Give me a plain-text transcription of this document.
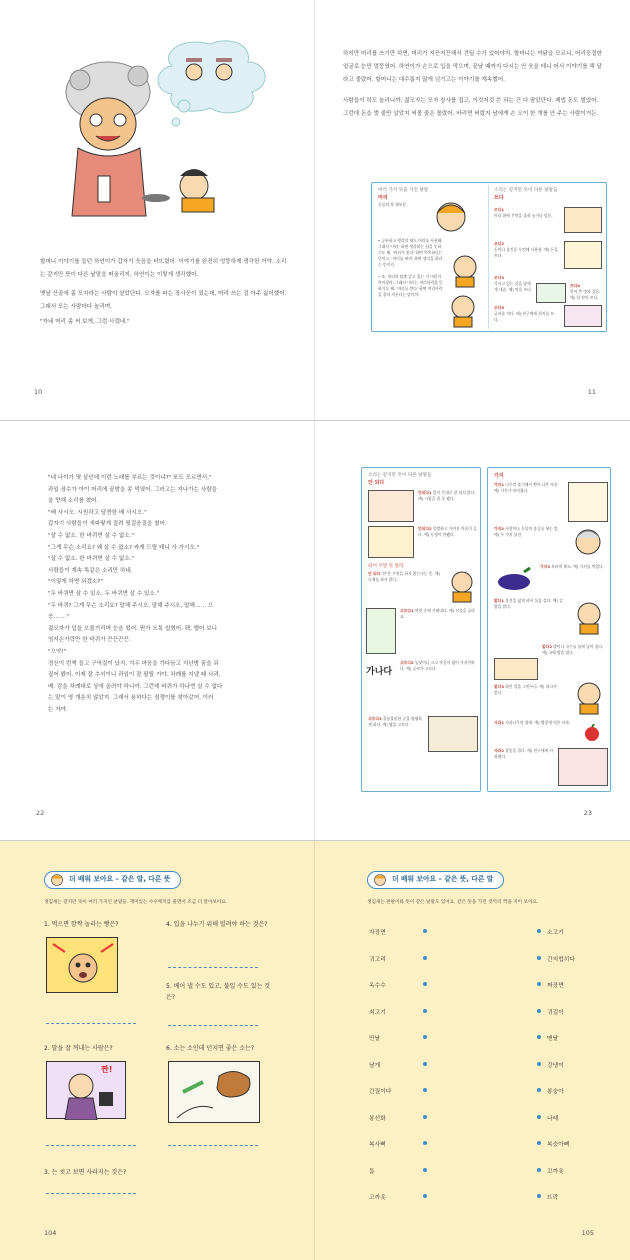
할머니 이야기를 들던 하연이가 갑자기 웃음을 터뜨렸어. 이야기를 완전히 엉뚱하게 생각한 거야. 소리는 같지만 뜻이 다른 낱말을 떠올리지, 하연이는 이렇게 생각했어.

옛날 산골에 좀 모자라는 사람이 살았단다. 모자를 파는 장사꾼이 었는데, 머리 쓰는 걸 아주 싫어했어. 그래서 모는 사람마다 놀리며,

"자네 머리 좀 써 보게, 그럼 사겠네."

10

하지만 머리를 쓰기만 하면, 머리가 지끈지끈해서 견딜 수가 있어야지. 할머니는 까닭을 모르니, 어리둥절한 얼굴로 눈만 멀뚱였어. 하연이가 손으로 입을 막으며, 끝날 때까지 다시는 안 웃을 테니 어서 이야기를 해 달라고 졸랐어. 할머니는 대수롭지 않게 넘기고는 이야기를 계속했어.

사람들이 하도 놀리니까, 젊모자는 모자 장사를 접고, 이것저것 쓴 되는 건 다 팔았단다. 제법 돈도 벌었어. 그런데 돈을 벌 줄만 알았지 써볼 줄은 몰랐어. 바리면 버렸지 남에게 손 오이 한 개를 안 주는 사람이거든.

여러 가지 뜻을 가진 낱말
머리
동물의 목 윗부분
• 공부하고 생각할 때도 머리를 사용해. 그래서 '머리' 하면 생각하는 힘을 뜻하기도 해. '머리가 좋다' 하면 똑똑하다는 뜻이고, '머리를 써라' 하면 생각을 하라는 뜻이지.
• 또, 머리의 탈출 같고 있는 거 머리카락이잖아. 그래서 머리는 머리카락을 뜻하기도 해. '머리를 깎다' 하면 머리카락을 잘라 자른다는 말이야.
소리는 같지만 뜻이 다른 낱말들
쓰다
쓰다1
머리 위에 무엇을 올려 놓거나 덮음.
쓰다2
돈이나 물건을 무엇에 사용함. 예) 돈을 쓰다.
쓰다3
가지고 있는 것을 남에게 내줌. 예) 약을 쓰다.
쓰다4
맛이 쓴 맛과 같음. 예) 한 약이 쓰다.
쓰다5
글씨를 적다. 예) 친구에게 편지를 쓰다.
11
"네 나이가 몇 살인데 이런 노래를 부르는 것이냐?" 또도 모르면서,"
과일 장수가 아이 머리에 꿀밤을 콩 먹였어. 그러고는 지나가는 사람들
을 향해 소리를 쳤어.
"배 사시오. 시원하고 달콤한 배 사시오."
갑자기 사람들이 새파랗게 질려 뒷걸음질을 쳤어.
"살 수 없소. 한 바퀴면 살 수 없소."
"그게 무슨 소리요? 왜 살 수 없소? 싸게 드릴 테니 사 가시오."
"살 수 없소. 한 바퀴면 살 수 없소."
사람들이 계속 똑같은 소리만 하네.
"이렇게 하면 되겠소?"
"두 바퀴면 살 수 있소. 두 바퀴면 살 수 있소."
"두 바퀴? 그게 무슨 소리요? 말해 주시오, 말해 주시오, 말해…… 으
응……."
젊모자가 입을 오물거리며 눈을 떴어. 뭔가 오톡 씹혔어. 꽥, 뱉어 보니
엄지손가락만 한 바퀴가 끈끈끈끈.
"으악!"
정신이 번쩍 들고 구역질이 났지. 겨우 마음을 가다듬고 지난밤 꿈을 되
짚어 봤어. 이제 잘 추석이니 과일이 잘 팔릴 거야. 차례를 지낼 때 사과,
배, 감을 차례대로 상에 올려야 하니까. 그런데 바퀴가 하나면 살 수 없다
는 말이 영 개운치 않았지. 그래서 용하다는 점쟁이를 찾아갔어. 이러
는 거야.
22
소리는 같지만 뜻이 다른 낱말들
안 되다
안되다1 일이 뜻대로 잘 되지 않다. 예) 시험을 잘 못 봤다.
안되다2 불쌍하고 가여운 마음이 들다. 예) 동생이 안됐다.
띄어 쓰면 뜻 달라
안 되다 '안'은 무엇을 하지 않는다는 뜻. 예) 숙제를 하지 않다.
고르다1 여럿 중에 가려내다. 예) 선물을 골라요.
가나다
고르다2 높낮이나 크고 작음이 없이 가지런하다. 예) 글씨가 고르다.
고르다3 울퉁불퉁한 곳을 평평하게 하다. 예) 땅을 고르다.
가지
가지1 나무의 줄기에서 뻗어 나온 부분. 예) 가지가 부러졌다.
가지2 사람이나 동물의 종류를 세는 말. 예) 두 가지 물건.
가지3 보라색 채소. 예) 가지를 먹었다.
말다1 물건을 넓게 펴서 돌돌 감다. 예) 김밥을 말다.
말다2 밥이나 국수를 물에 넣어 풀다. 예) 국에 밥을 말다.
말다3 하던 일을 그만두다. 예) 하다가 말다.
사과1 사과나무의 열매. 예) 빨갛게 익은 사과.
사과2 잘못을 빌다. 예) 친구에게 사과했다.
23
더 배워 보아요 – 같은 말, 다른 뜻
생김새는 같지만 뜻이 여러 가지인 낱말들. 재미있는 수수께끼를 풀면서 조금 더 알아보아요.
1. 먹으면 깜짝 놀라는 빵은?
2. 말을 잘 꺼내는 사람은?
짠!
3. 는 씻고 보면 사라지는 것은?
4. 입을 나누기 위해 빌려야 하는 것은?
5. 베어 낼 수도 있고, 불일 수도 있는 것은?
6. 소는 소인데 던지면 좋은 소는?
104
더 배워 보아요 – 같은 뜻, 다른 말
생김새는 판판이와 뜻이 같은 낱말도 있어요. 같은 뜻을 가진 것끼리 짝을 지어 보아요.
자장면
귀고리
옥수수
쇠고기
만날
남개
간질이다
봉선화
복사뼈
툼
고까옷
소고기
간지럽히다
짜장면
귀걸이
맨날
강냉이
봉숭아
나래
복숭아뼈
꼬까옷
뜨락
105
